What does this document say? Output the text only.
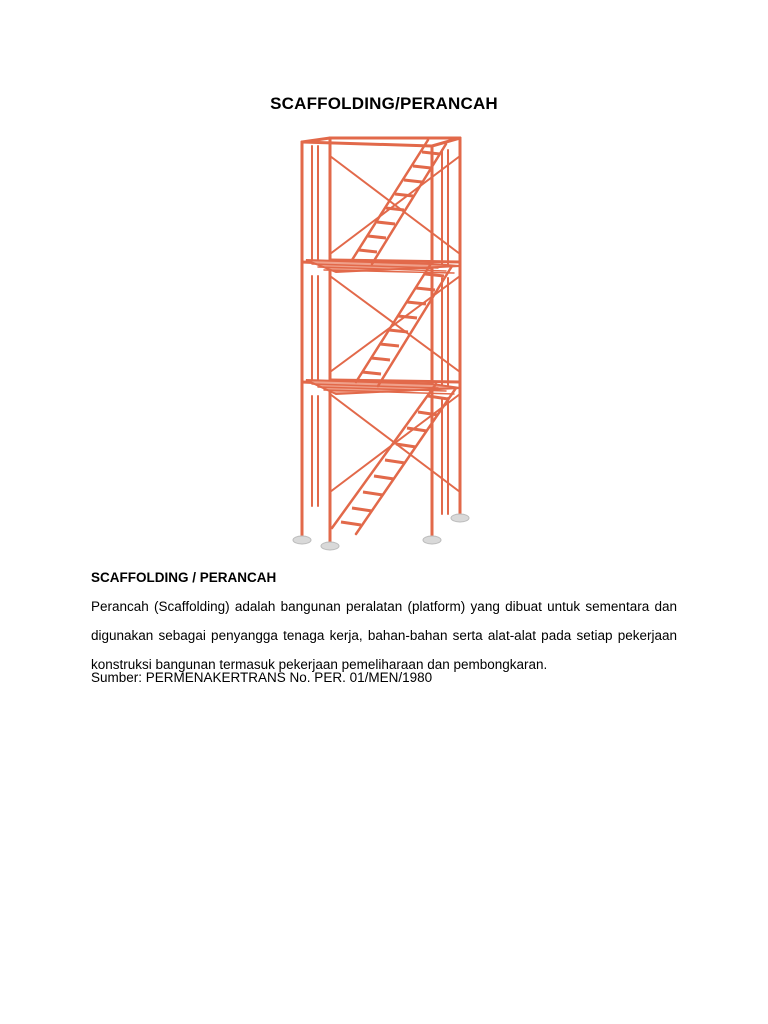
SCAFFOLDING/PERANCAH
SCAFFOLDING / PERANCAH

Perancah (Scaffolding) adalah bangunan peralatan (platform) yang dibuat untuk sementara dan digunakan sebagai penyangga tenaga kerja, bahan-bahan serta alat-alat pada setiap pekerjaan konstruksi bangunan termasuk pekerjaan pemeliharaan dan pembongkaran.

Sumber: PERMENAKERTRANS No. PER. 01/MEN/1980
